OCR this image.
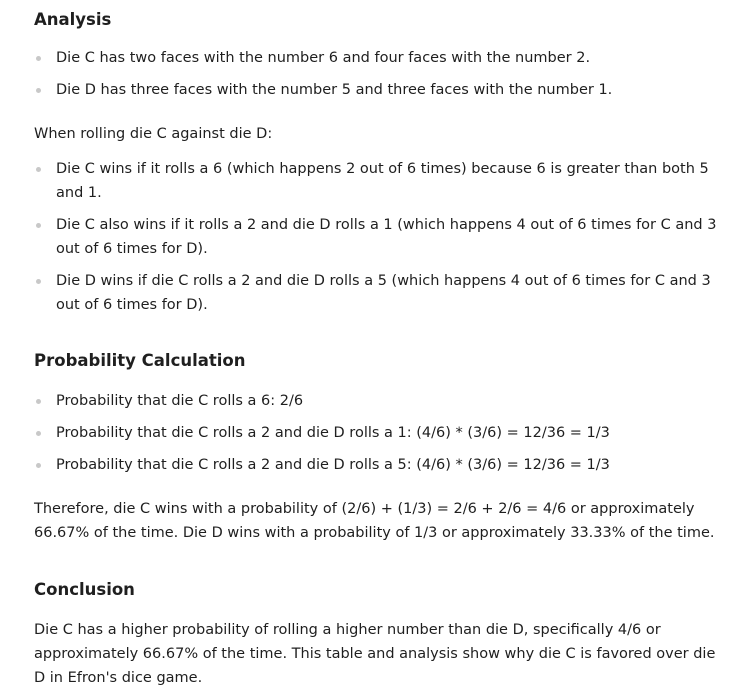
Analysis
Die C has two faces with the number 6 and four faces with the number 2.
Die D has three faces with the number 5 and three faces with the number 1.

When rolling die C against die D:

Die C wins if it rolls a 6 (which happens 2 out of 6 times) because 6 is greater than both 5 and 1.
Die C also wins if it rolls a 2 and die D rolls a 1 (which happens 4 out of 6 times for C and 3 out of 6 times for D).
Die D wins if die C rolls a 2 and die D rolls a 5 (which happens 4 out of 6 times for C and 3 out of 6 times for D).
Probability Calculation
Probability that die C rolls a 6: 2/6
Probability that die C rolls a 2 and die D rolls a 1: (4/6) * (3/6) = 12/36 = 1/3
Probability that die C rolls a 2 and die D rolls a 5: (4/6) * (3/6) = 12/36 = 1/3

Therefore, die C wins with a probability of (2/6) + (1/3) = 2/6 + 2/6 = 4/6 or approximately 66.67% of the time. Die D wins with a probability of 1/3 or approximately 33.33% of the time.

Conclusion

Die C has a higher probability of rolling a higher number than die D, specifically 4/6 or approximately 66.67% of the time. This table and analysis show why die C is favored over die D in Efron's dice game.
